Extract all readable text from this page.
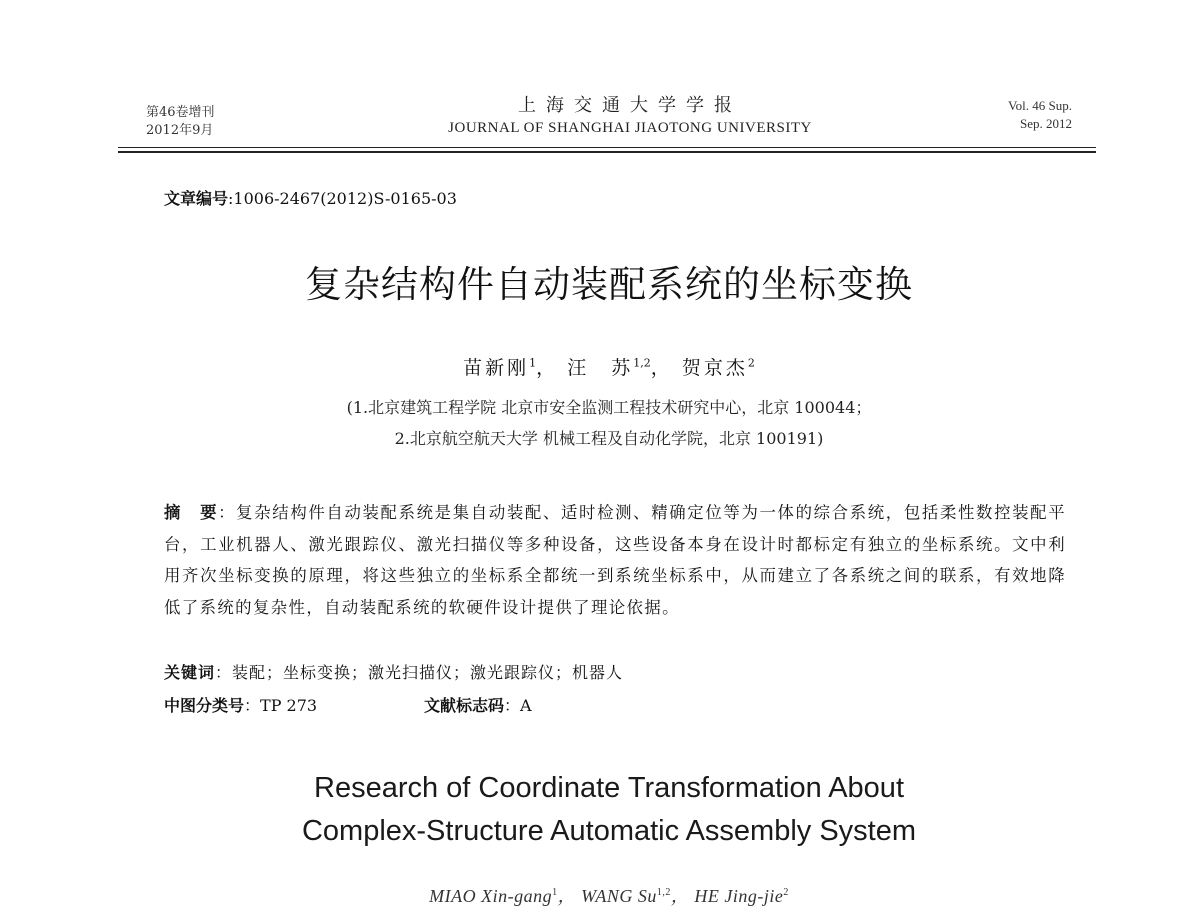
第46卷增刊
2012年9月
上海交通大学学报
JOURNAL OF SHANGHAI JIAOTONG UNIVERSITY
Vol. 46 Sup.
Sep. 2012
文章编号:1006-2467(2012)S-0165-03
复杂结构件自动装配系统的坐标变换
苗新刚$^1$， 汪　苏$^{1,2}$， 贺京杰$^2$
(1.北京建筑工程学院 北京市安全监测工程技术研究中心，北京 100044；
2.北京航空航天大学 机械工程及自动化学院，北京 100191)
摘　要：复杂结构件自动装配系统是集自动装配、适时检测、精确定位等为一体的综合系统，包括柔性数控装配平台，工业机器人、激光跟踪仪、激光扫描仪等多种设备，这些设备本身在设计时都标定有独立的坐标系统。文中利用齐次坐标变换的原理，将这些独立的坐标系全都统一到系统坐标系中，从而建立了各系统之间的联系，有效地降低了系统的复杂性，自动装配系统的软硬件设计提供了理论依据。
关键词：装配；坐标变换；激光扫描仪；激光跟踪仪；机器人
中图分类号：TP 273	文献标志码：A
Research of Coordinate Transformation About
Complex-Structure Automatic Assembly System
MIAO Xin-gang$^1$， WANG Su$^{1,2}$， HE Jing-jie$^2$
